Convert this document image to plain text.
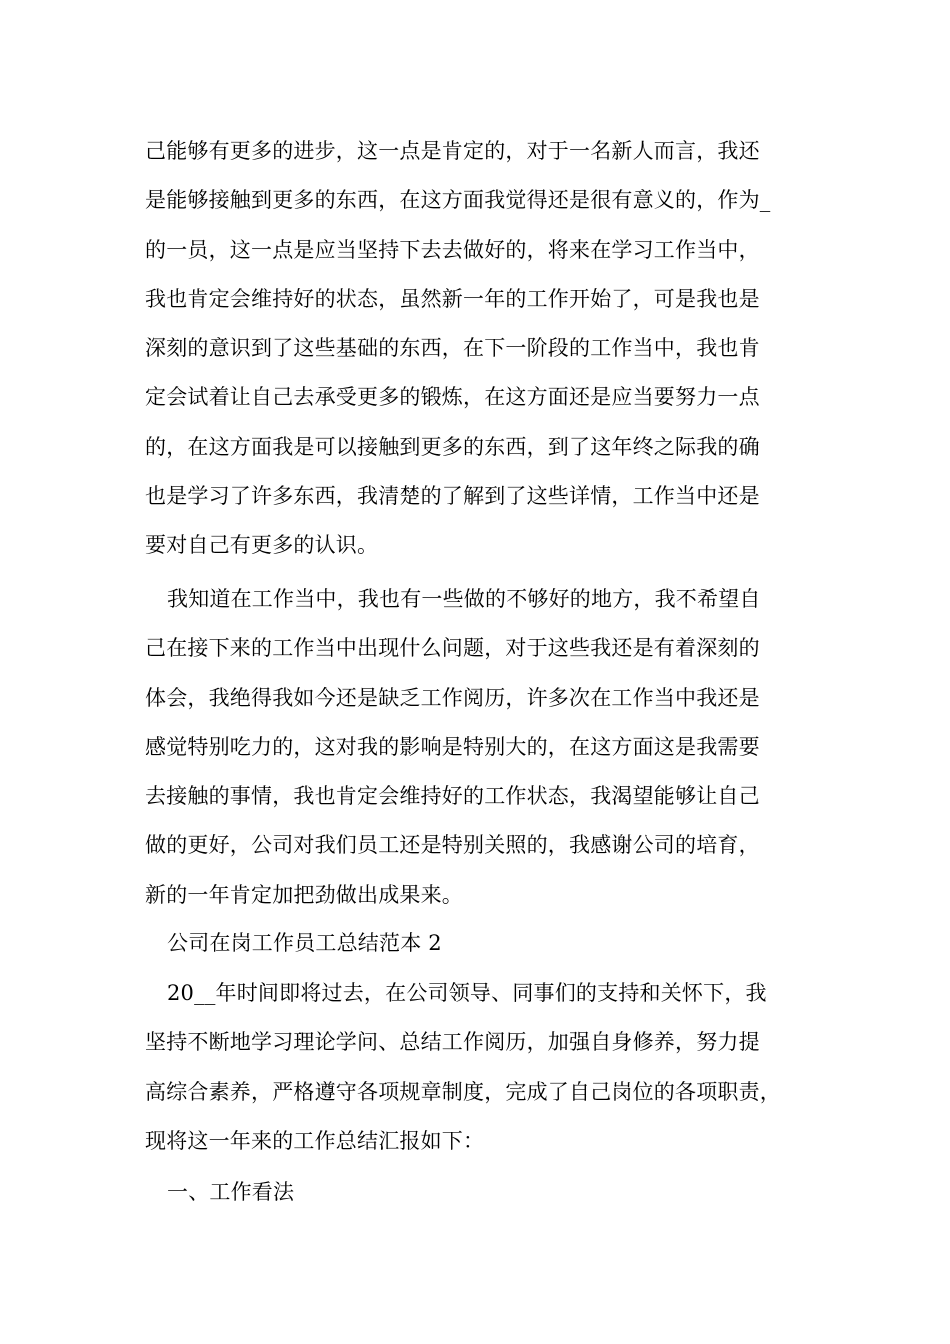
己能够有更多的进步，这一点是肯定的，对于一名新人而言，我还
是能够接触到更多的东西，在这方面我觉得还是很有意义的，作为_
的一员，这一点是应当坚持下去去做好的，将来在学习工作当中，
我也肯定会维持好的状态，虽然新一年的工作开始了，可是我也是
深刻的意识到了这些基础的东西，在下一阶段的工作当中，我也肯
定会试着让自己去承受更多的锻炼，在这方面还是应当要努力一点
的，在这方面我是可以接触到更多的东西，到了这年终之际我的确
也是学习了许多东西，我清楚的了解到了这些详情，工作当中还是
要对自己有更多的认识。
我知道在工作当中，我也有一些做的不够好的地方，我不希望自
己在接下来的工作当中出现什么问题，对于这些我还是有着深刻的
体会，我绝得我如今还是缺乏工作阅历，许多次在工作当中我还是
感觉特别吃力的，这对我的影响是特别大的，在这方面这是我需要
去接触的事情，我也肯定会维持好的工作状态，我渴望能够让自己
做的更好，公司对我们员工还是特别关照的，我感谢公司的培育，
新的一年肯定加把劲做出成果来。
公司在岗工作员工总结范本 2
20__年时间即将过去，在公司领导、同事们的支持和关怀下，我
坚持不断地学习理论学问、总结工作阅历，加强自身修养，努力提
高综合素养，严格遵守各项规章制度，完成了自己岗位的各项职责，
现将这一年来的工作总结汇报如下：
一、工作看法
